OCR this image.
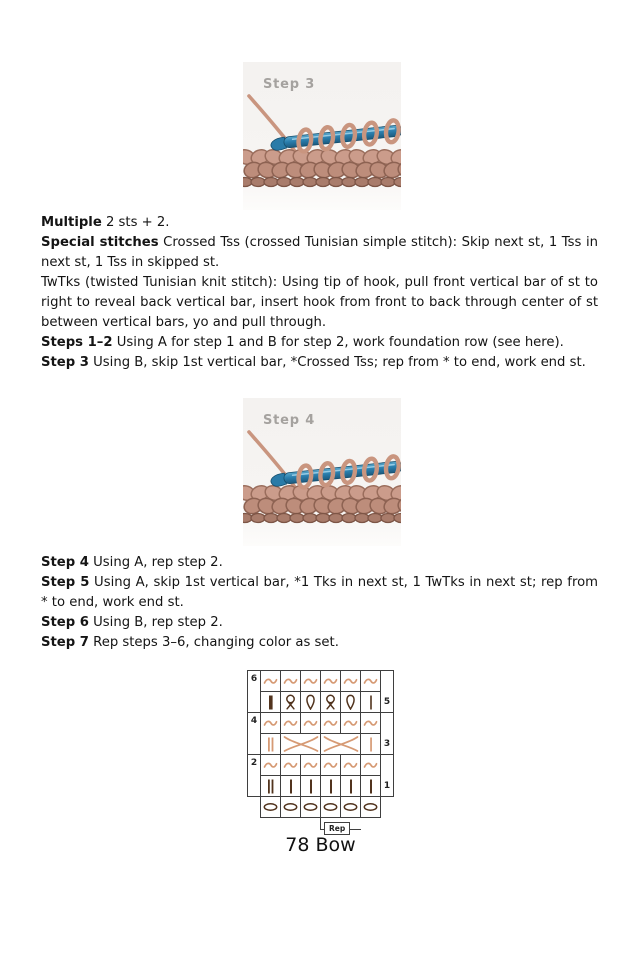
Step 3

Multiple 2 sts + 2.

Special stitches Crossed Tss (crossed Tunisian simple stitch): Skip next st, 1 Tss in next st, 1 Tss in skipped st.

TwTks (twisted Tunisian knit stitch): Using tip of hook, pull front vertical bar of st to right to reveal back vertical bar, insert hook from front to back through center of st between vertical bars, yo and pull through.

Steps 1–2 Using A for step 1 and B for step 2, work foundation row (see here).

Step 3 Using B, skip 1st vertical bar, *Crossed Tss; rep from * to end, work end st.

Step 4

Step 4 Using A, rep step 2.

Step 5 Using A, skip 1st vertical bar, *1 Tks in next st, 1 TwTks in next st; rep from * to end, work end st.

Step 6 Using B, rep step 2.

Step 7 Rep steps 3–6, changing color as set.

6
5
4
3
2
1
Rep
78 Bow
